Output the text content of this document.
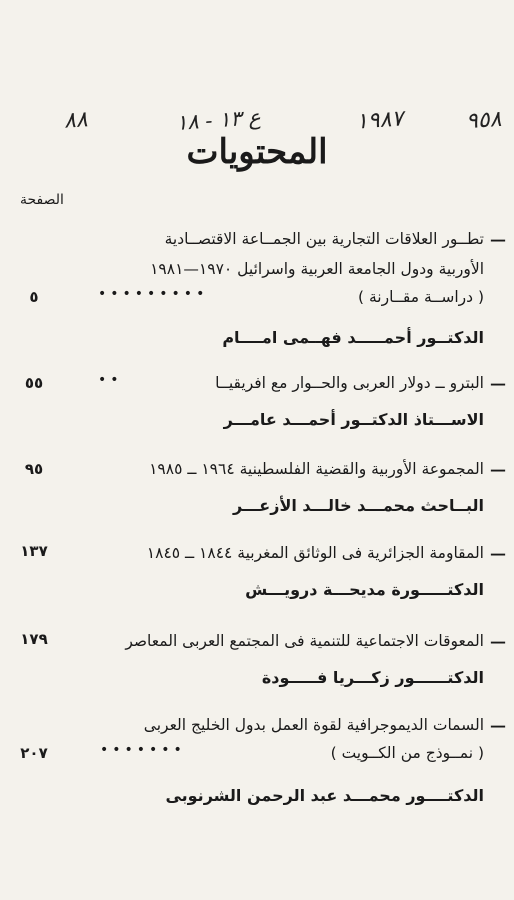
۸۸	ع ۱۳ - ۱۸	۱۹۸۷	۹٥٨
المحتويات
الصفحة
—
تطــور العلاقات التجارية بين الجمــاعة الاقتصــادية
الأوربية ودول الجامعة العربية واسرائيل ۱۹۷۰—۱۹۸۱
( دراســة مقــارنة )
•••••••••
٥
الدكتــور أحمـــــد فهــمى امــــام
—
البترو ــ دولار العربى والحــوار مع افريقيــا
••
٥٥
الاســـتاذ الدكتــور أحمـــد عامـــر
—
المجموعة الأوربية والقضية الفلسطينية ١٩٦٤ ــ ١٩٨٥
٩٥
البــاحث محمـــد خالـــد الأزعـــر
—
المقاومة الجزائرية فى الوثائق المغربية ١٨٤٤ ــ ١٨٤٥
١٣٧
الدكتـــــورة مديحـــة درويـــش
—
المعوقات الاجتماعية للتنمية فى المجتمع العربى المعاصر
١٧٩
الدكتــــــور زكـــريا فـــــودة
—
السمات الديموجرافية لقوة العمل بدول الخليج العربى
( نمــوذج من الكــويت )
•••••••
٢٠٧
الدكتــــور محمـــد عبد الرحمن الشرنوبى
